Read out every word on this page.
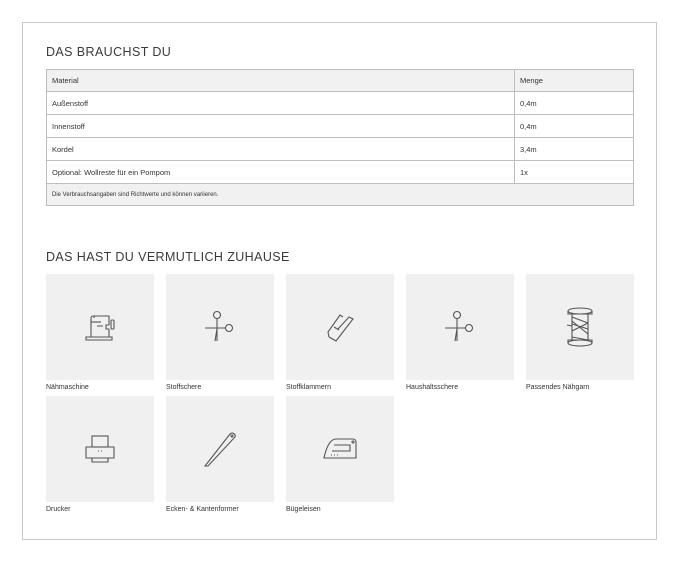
DAS BRAUCHST DU
Material	Menge
Außenstoff	0,4m
Innenstoff	0,4m
Kordel	3,4m
Optional: Wollreste für ein Pompom	1x
Die Verbrauchsangaben sind Richtwerte und können variieren.	
DAS HAST DU VERMUTLICH ZUHAUSE
Nähmaschine	Stoffschere	Stoffklammern	Haushaltsschere	Passendes Nähgarn
Drucker	Ecken- & Kantenformer	Bügeleisen
